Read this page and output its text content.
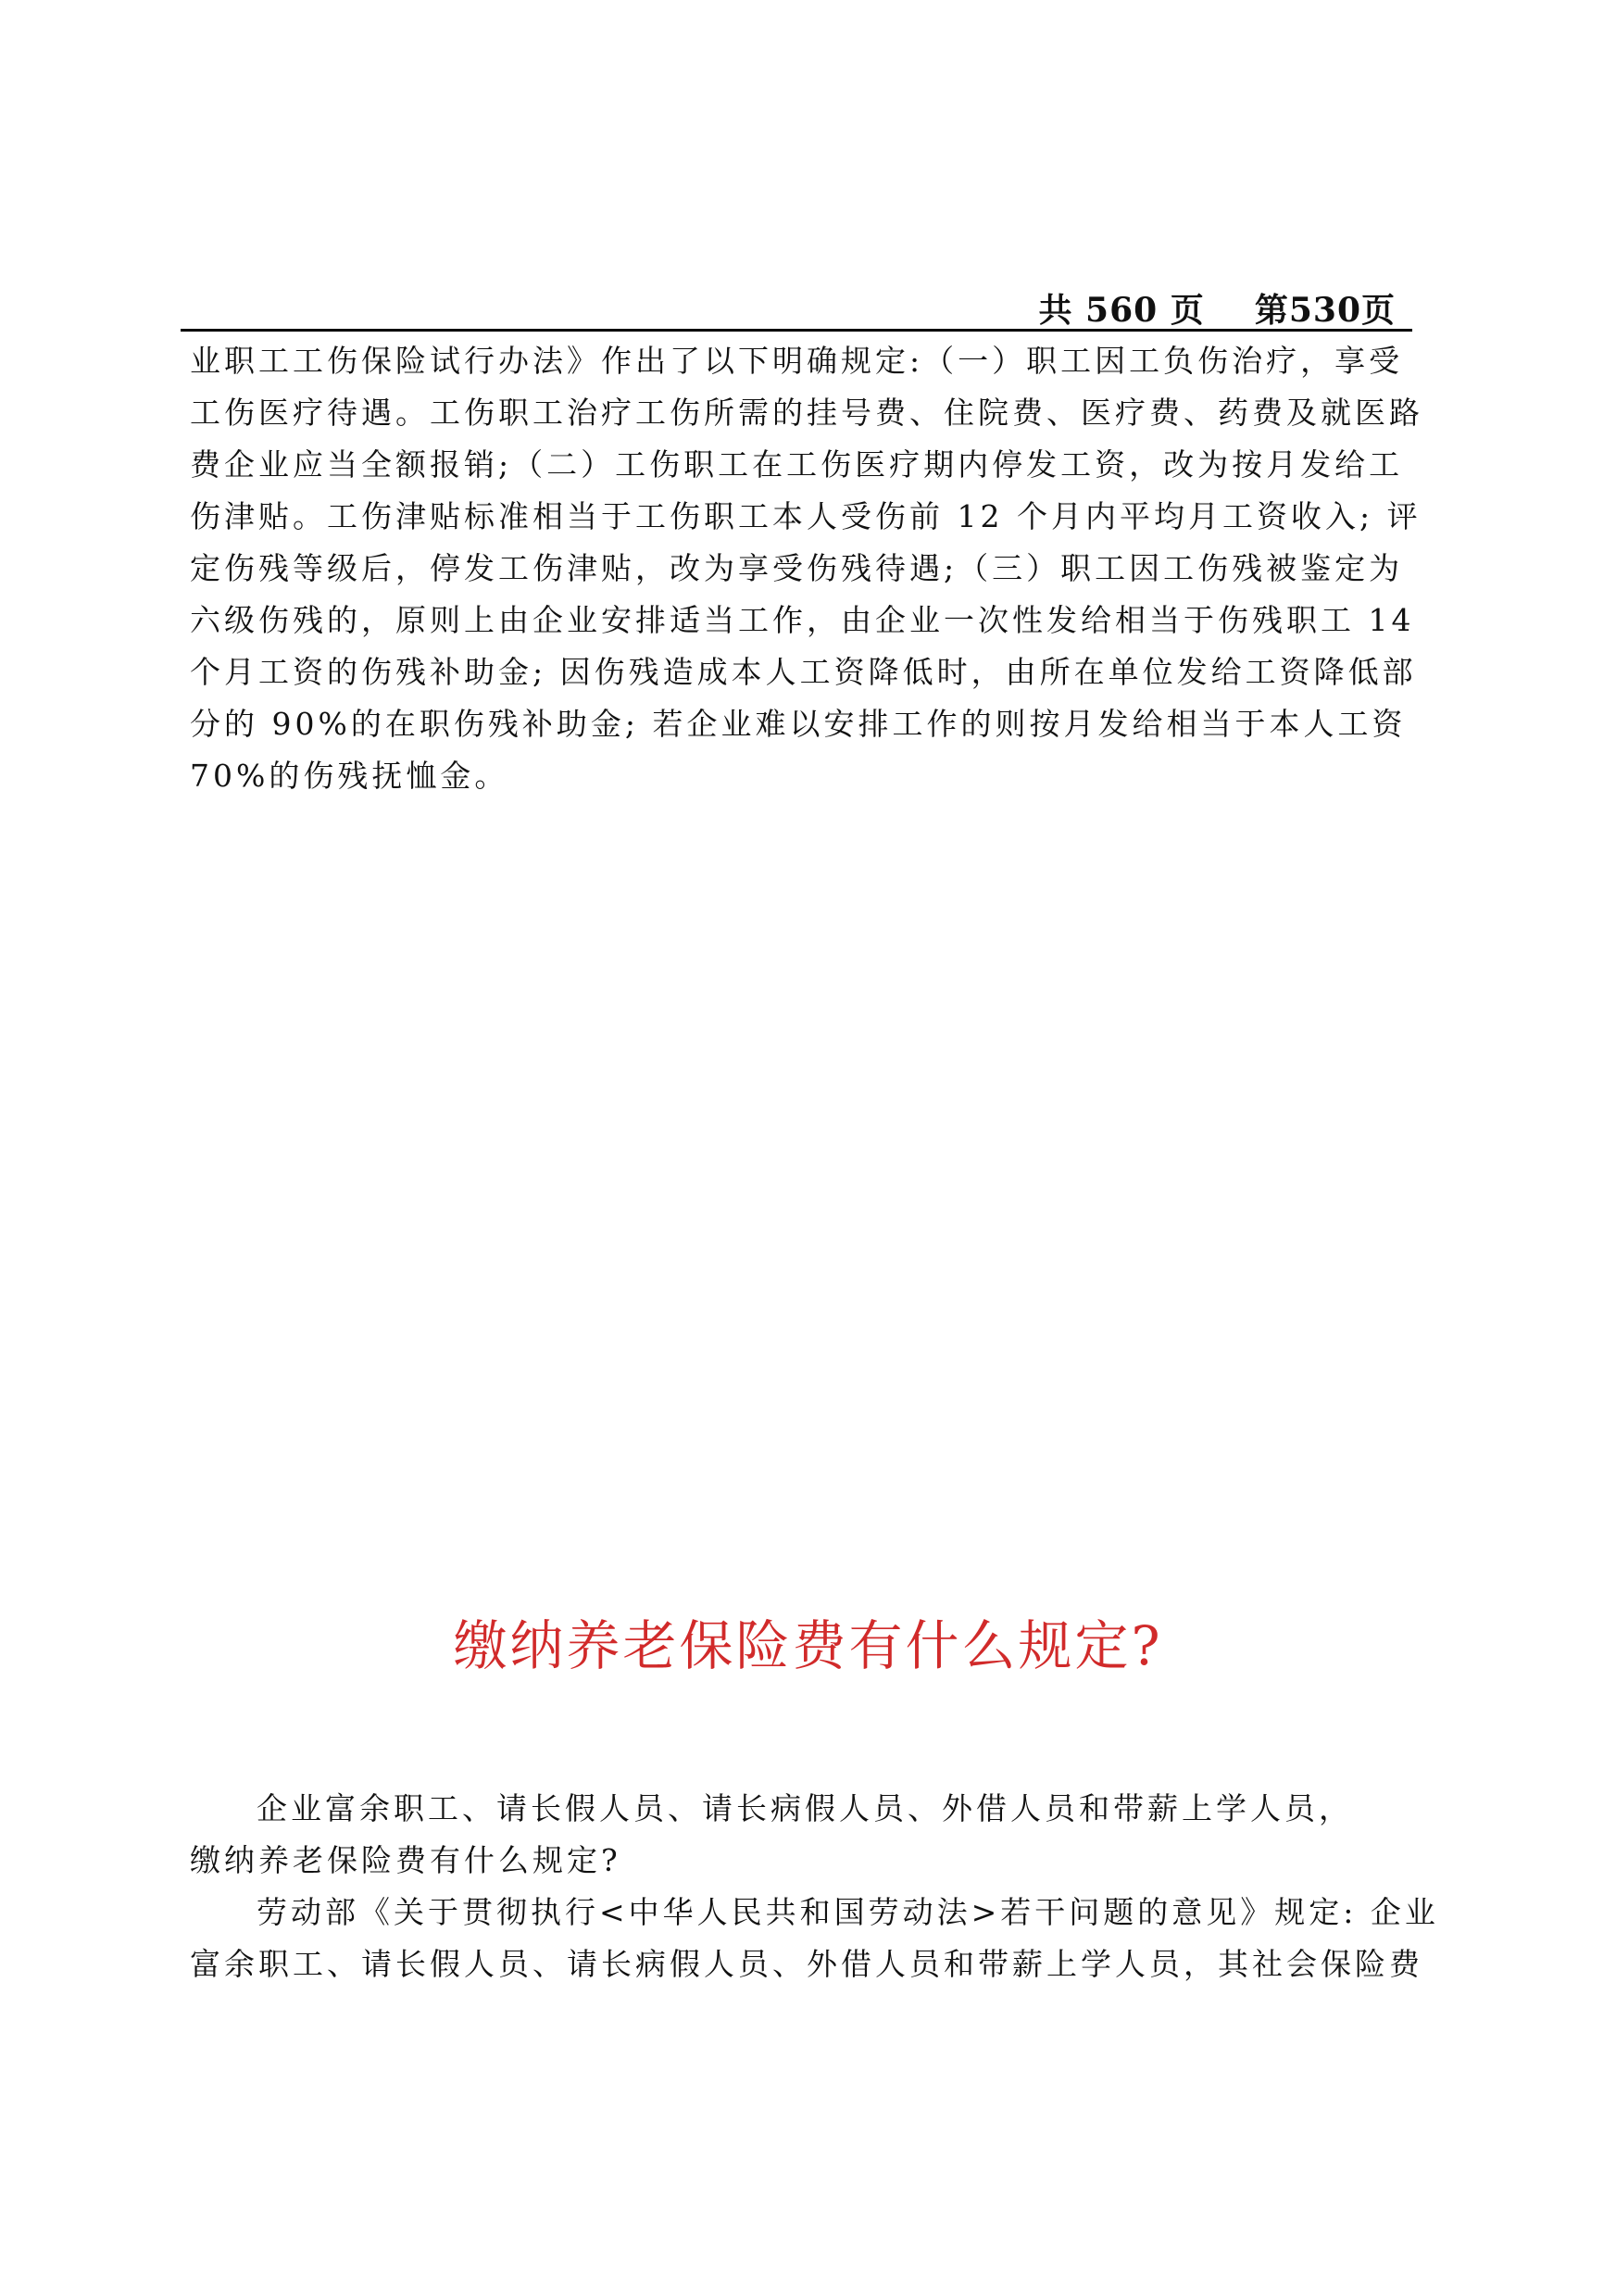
共 560 页    第530页
业职工工伤保险试行办法》作出了以下明确规定:（一）职工因工负伤治疗，享受
工伤医疗待遇。工伤职工治疗工伤所需的挂号费、住院费、医疗费、药费及就医路
费企业应当全额报销;（二）工伤职工在工伤医疗期内停发工资，改为按月发给工
伤津贴。工伤津贴标准相当于工伤职工本人受伤前 12 个月内平均月工资收入; 评
定伤残等级后，停发工伤津贴，改为享受伤残待遇;（三）职工因工伤残被鉴定为
六级伤残的，原则上由企业安排适当工作，由企业一次性发给相当于伤残职工 14
个月工资的伤残补助金; 因伤残造成本人工资降低时，由所在单位发给工资降低部
分的 90%的在职伤残补助金; 若企业难以安排工作的则按月发给相当于本人工资
70%的伤残抚恤金。
缴纳养老保险费有什么规定?
企业富余职工、请长假人员、请长病假人员、外借人员和带薪上学人员，
缴纳养老保险费有什么规定?
劳动部《关于贯彻执行<中华人民共和国劳动法>若干问题的意见》规定: 企业
富余职工、请长假人员、请长病假人员、外借人员和带薪上学人员，其社会保险费
